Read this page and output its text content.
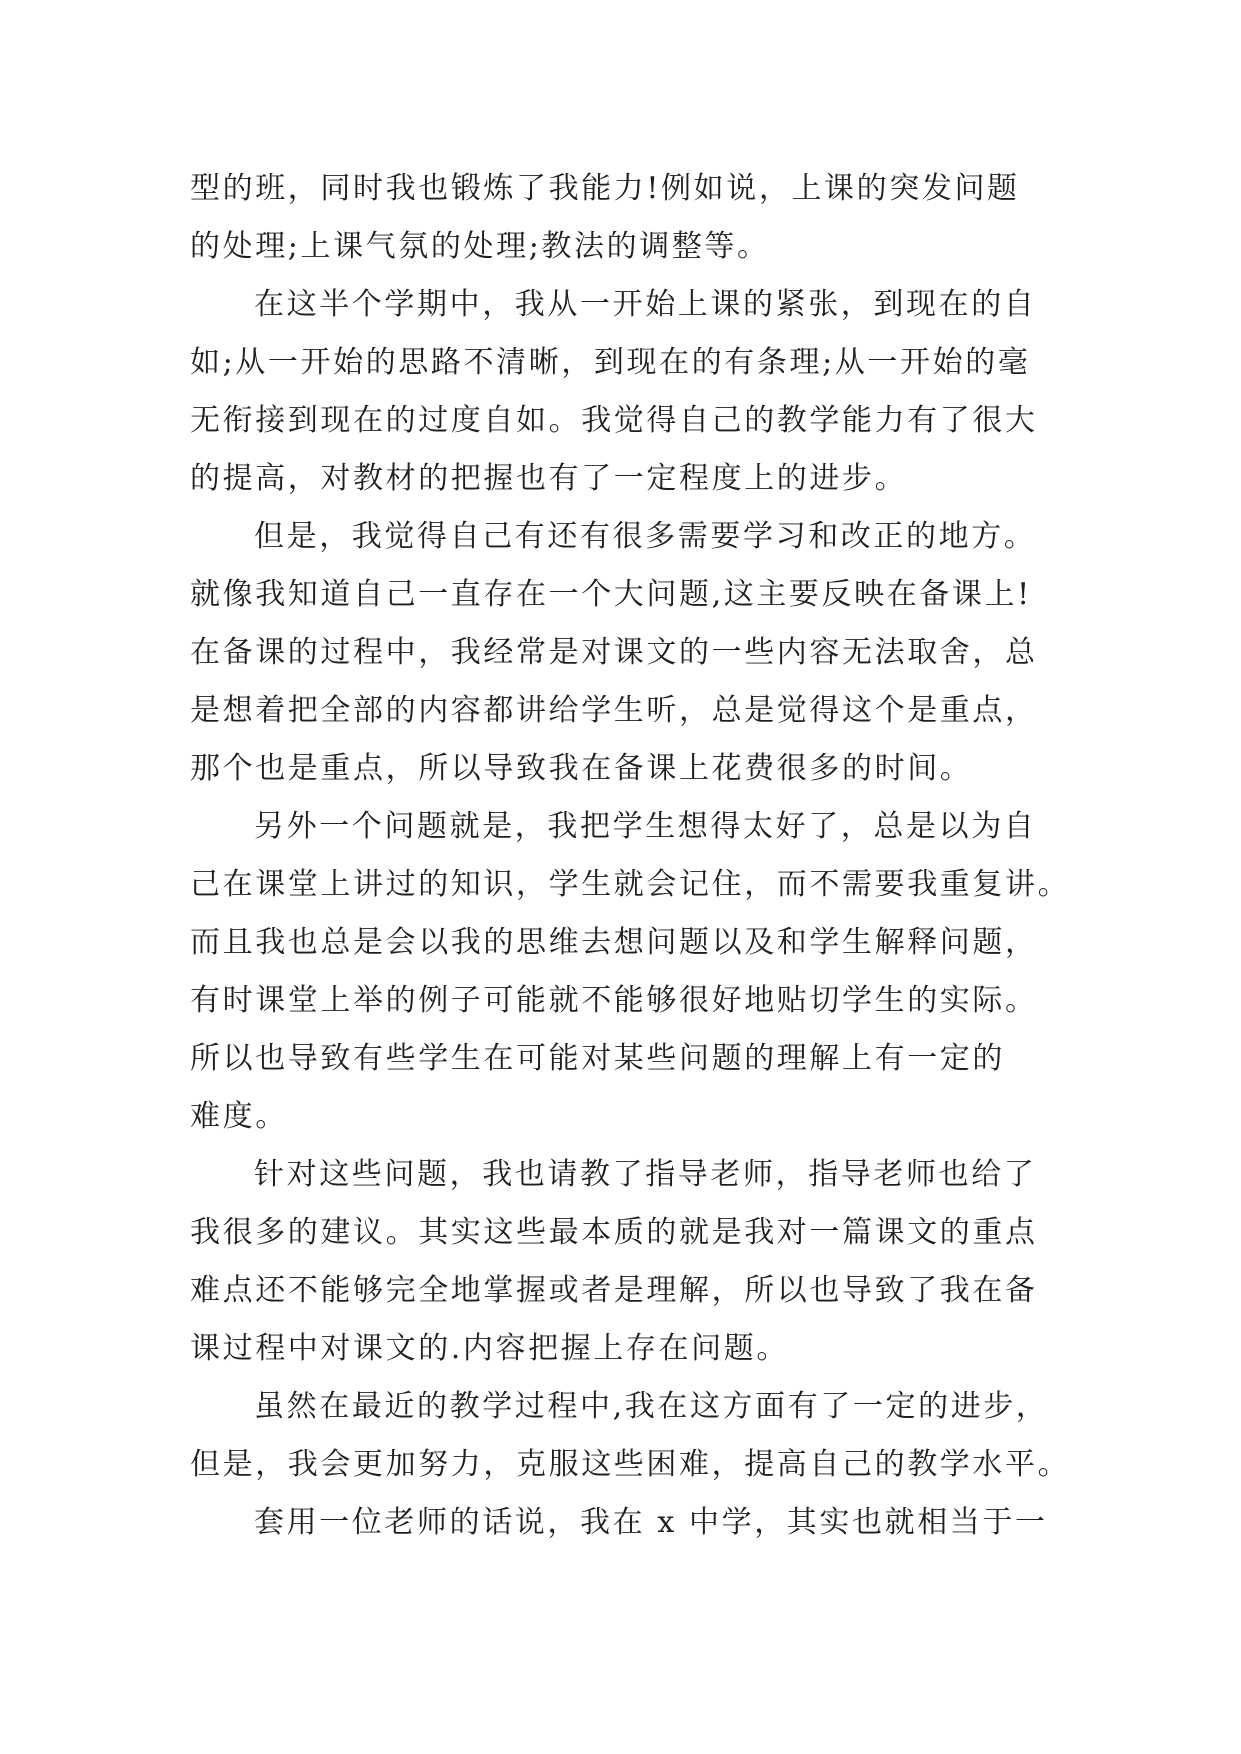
型的班，同时我也锻炼了我能力!例如说，上课的突发问题
的处理;上课气氛的处理;教法的调整等。
在这半个学期中，我从一开始上课的紧张，到现在的自
如;从一开始的思路不清晰，到现在的有条理;从一开始的毫
无衔接到现在的过度自如。我觉得自己的教学能力有了很大
的提高，对教材的把握也有了一定程度上的进步。
但是，我觉得自己有还有很多需要学习和改正的地方。
就像我知道自己一直存在一个大问题,这主要反映在备课上!
在备课的过程中，我经常是对课文的一些内容无法取舍，总
是想着把全部的内容都讲给学生听，总是觉得这个是重点，
那个也是重点，所以导致我在备课上花费很多的时间。
另外一个问题就是，我把学生想得太好了，总是以为自
己在课堂上讲过的知识，学生就会记住，而不需要我重复讲。
而且我也总是会以我的思维去想问题以及和学生解释问题，
有时课堂上举的例子可能就不能够很好地贴切学生的实际。
所以也导致有些学生在可能对某些问题的理解上有一定的
难度。
针对这些问题，我也请教了指导老师，指导老师也给了
我很多的建议。其实这些最本质的就是我对一篇课文的重点
难点还不能够完全地掌握或者是理解，所以也导致了我在备
课过程中对课文的.内容把握上存在问题。
虽然在最近的教学过程中,我在这方面有了一定的进步，
但是，我会更加努力，克服这些困难，提高自己的教学水平。
套用一位老师的话说，我在 x 中学，其实也就相当于一
